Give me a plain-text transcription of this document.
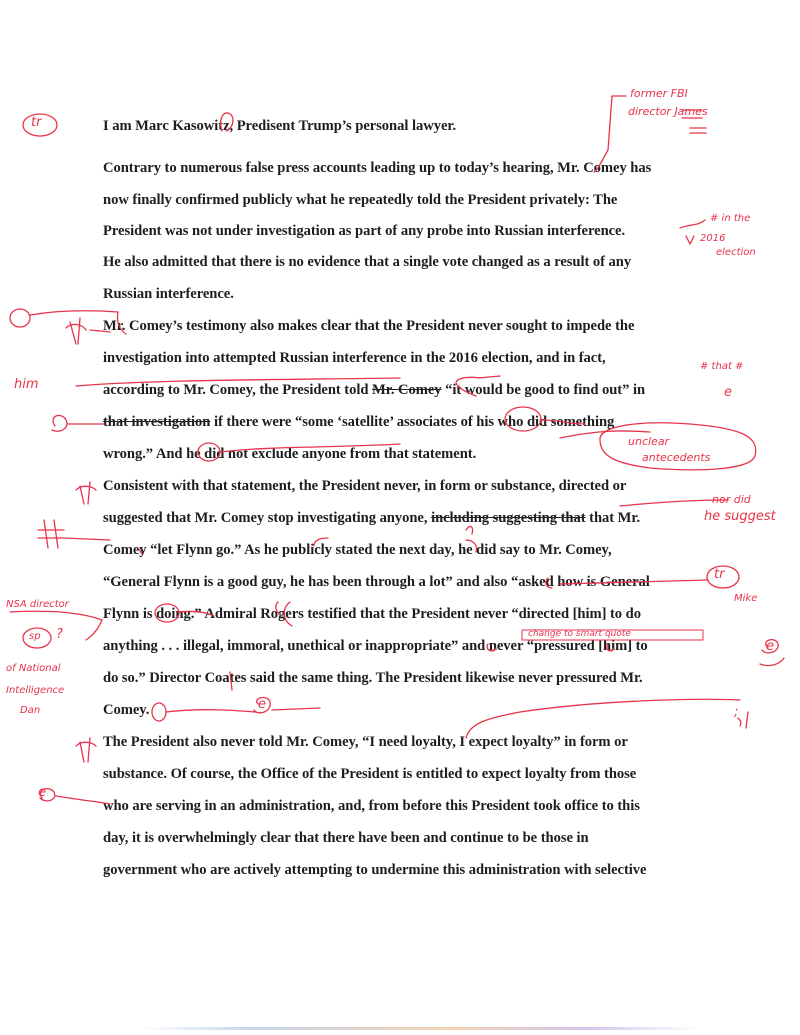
I am Marc Kasowitz, Predisent Trump’s personal lawyer.
Contrary to numerous false press accounts leading up to today’s hearing, Mr. Comey has
now finally confirmed publicly what he repeatedly told the President privately: The
President was not under investigation as part of any probe into Russian interference.
He also admitted that there is no evidence that a single vote changed as a result of any
Russian interference.
Mr. Comey’s testimony also makes clear that the President never sought to impede the
investigation into attempted Russian interference in the 2016 election, and in fact,
according to Mr. Comey, the President told Mr. Comey “it would be good to find out” in
that investigation if there were “some ‘satellite’ associates of his who did something
wrong.” And he did not exclude anyone from that statement.
Consistent with that statement, the President never, in form or substance, directed or
suggested that Mr. Comey stop investigating anyone, including suggesting that that Mr.
Comey “let Flynn go.” As he publicly stated the next day, he did say to Mr. Comey,
“General Flynn is a good guy, he has been through a lot” and also “asked how is General
Flynn is doing.” Admiral Rogers testified that the President never “directed [him] to do
anything . . . illegal, immoral, unethical or inappropriate” and never “pressured [him] to
do so.” Director Coates said the same thing. The President likewise never pressured Mr.
Comey.
The President also never told Mr. Comey, “I need loyalty, I expect loyalty” in form or
substance. Of course, the Office of the President is entitled to expect loyalty from those
who are serving in an administration, and, from before this President took office to this
day, it is overwhelmingly clear that there have been and continue to be those in
government who are actively attempting to undermine this administration with selective
tr
former FBI
director James
# in the
2016
election
# that #
him
e
unclear
antecedents
nor did
he suggest
tr
Mike
NSA director
sp ?
of National
Intelligence
Dan
change to smart quote
e
e
;
e
